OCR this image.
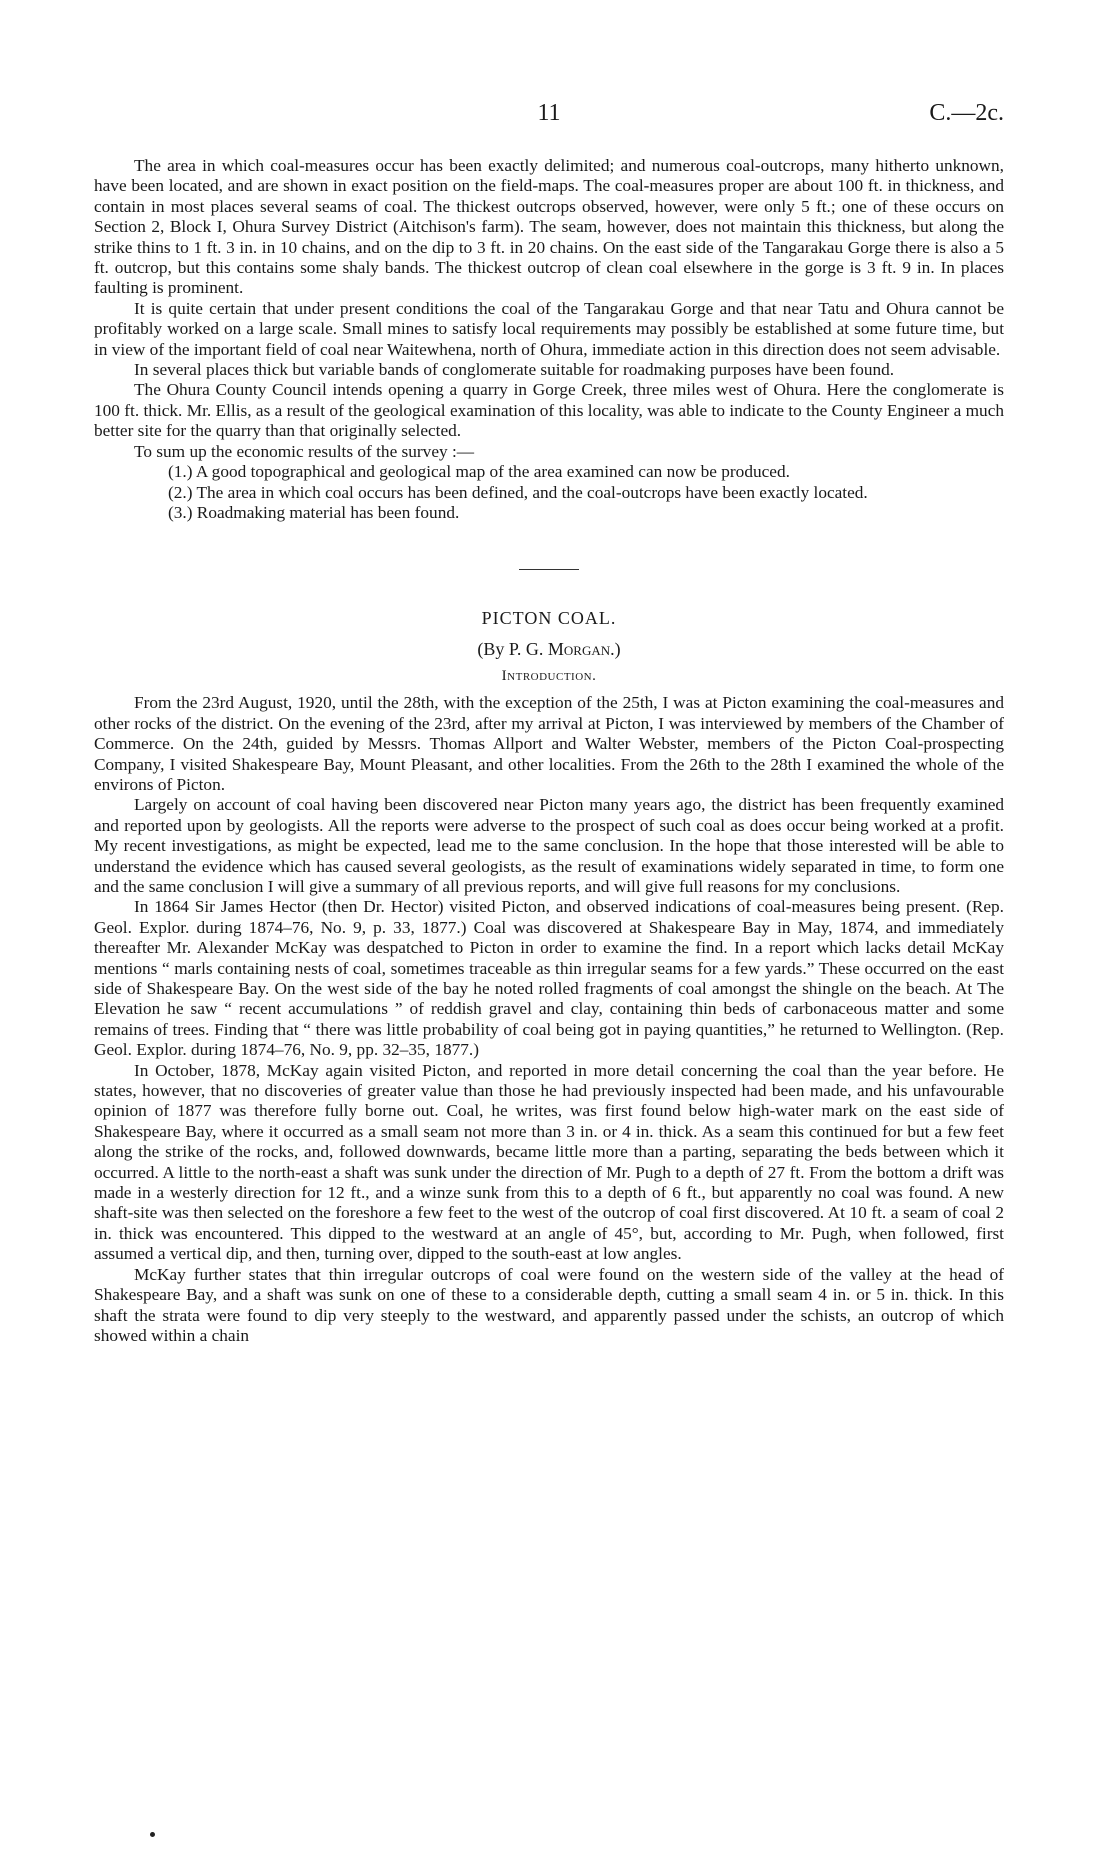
11	C.—2c.

The area in which coal-measures occur has been exactly delimited; and numerous coal-outcrops, many hitherto unknown, have been located, and are shown in exact position on the field-maps. The coal-measures proper are about 100 ft. in thickness, and contain in most places several seams of coal. The thickest outcrops observed, however, were only 5 ft.; one of these occurs on Section 2, Block I, Ohura Survey District (Aitchison's farm). The seam, however, does not maintain this thickness, but along the strike thins to 1 ft. 3 in. in 10 chains, and on the dip to 3 ft. in 20 chains. On the east side of the Tangarakau Gorge there is also a 5 ft. outcrop, but this contains some shaly bands. The thickest outcrop of clean coal elsewhere in the gorge is 3 ft. 9 in. In places faulting is prominent.

It is quite certain that under present conditions the coal of the Tangarakau Gorge and that near Tatu and Ohura cannot be profitably worked on a large scale. Small mines to satisfy local requirements may possibly be established at some future time, but in view of the important field of coal near Waitewhena, north of Ohura, immediate action in this direction does not seem advisable.

In several places thick but variable bands of conglomerate suitable for roadmaking purposes have been found.

The Ohura County Council intends opening a quarry in Gorge Creek, three miles west of Ohura. Here the conglomerate is 100 ft. thick. Mr. Ellis, as a result of the geological examination of this locality, was able to indicate to the County Engineer a much better site for the quarry than that originally selected.

To sum up the economic results of the survey :—

(1.) A good topographical and geological map of the area examined can now be produced.
(2.) The area in which coal occurs has been defined, and the coal-outcrops have been exactly located.
(3.) Roadmaking material has been found.
PICTON COAL.
(By P. G. Morgan.)
Introduction.

From the 23rd August, 1920, until the 28th, with the exception of the 25th, I was at Picton examining the coal-measures and other rocks of the district. On the evening of the 23rd, after my arrival at Picton, I was interviewed by members of the Chamber of Commerce. On the 24th, guided by Messrs. Thomas Allport and Walter Webster, members of the Picton Coal-prospecting Company, I visited Shakespeare Bay, Mount Pleasant, and other localities. From the 26th to the 28th I examined the whole of the environs of Picton.

Largely on account of coal having been discovered near Picton many years ago, the district has been frequently examined and reported upon by geologists. All the reports were adverse to the prospect of such coal as does occur being worked at a profit. My recent investigations, as might be expected, lead me to the same conclusion. In the hope that those interested will be able to understand the evidence which has caused several geologists, as the result of examinations widely separated in time, to form one and the same conclusion I will give a summary of all previous reports, and will give full reasons for my conclusions.

In 1864 Sir James Hector (then Dr. Hector) visited Picton, and observed indications of coal-measures being present. (Rep. Geol. Explor. during 1874–76, No. 9, p. 33, 1877.) Coal was discovered at Shakespeare Bay in May, 1874, and immediately thereafter Mr. Alexander McKay was despatched to Picton in order to examine the find. In a report which lacks detail McKay mentions “ marls containing nests of coal, sometimes traceable as thin irregular seams for a few yards.” These occurred on the east side of Shakespeare Bay. On the west side of the bay he noted rolled fragments of coal amongst the shingle on the beach. At The Elevation he saw “ recent accumulations ” of reddish gravel and clay, containing thin beds of carbonaceous matter and some remains of trees. Finding that “ there was little probability of coal being got in paying quantities,” he returned to Wellington. (Rep. Geol. Explor. during 1874–76, No. 9, pp. 32–35, 1877.)

In October, 1878, McKay again visited Picton, and reported in more detail concerning the coal than the year before. He states, however, that no discoveries of greater value than those he had previously inspected had been made, and his unfavourable opinion of 1877 was therefore fully borne out. Coal, he writes, was first found below high-water mark on the east side of Shakespeare Bay, where it occurred as a small seam not more than 3 in. or 4 in. thick. As a seam this continued for but a few feet along the strike of the rocks, and, followed downwards, became little more than a parting, separating the beds between which it occurred. A little to the north-east a shaft was sunk under the direction of Mr. Pugh to a depth of 27 ft. From the bottom a drift was made in a westerly direction for 12 ft., and a winze sunk from this to a depth of 6 ft., but apparently no coal was found. A new shaft-site was then selected on the foreshore a few feet to the west of the outcrop of coal first discovered. At 10 ft. a seam of coal 2 in. thick was encountered. This dipped to the westward at an angle of 45°, but, according to Mr. Pugh, when followed, first assumed a vertical dip, and then, turning over, dipped to the south-east at low angles.

McKay further states that thin irregular outcrops of coal were found on the western side of the valley at the head of Shakespeare Bay, and a shaft was sunk on one of these to a considerable depth, cutting a small seam 4 in. or 5 in. thick. In this shaft the strata were found to dip very steeply to the westward, and apparently passed under the schists, an outcrop of which showed within a chain
